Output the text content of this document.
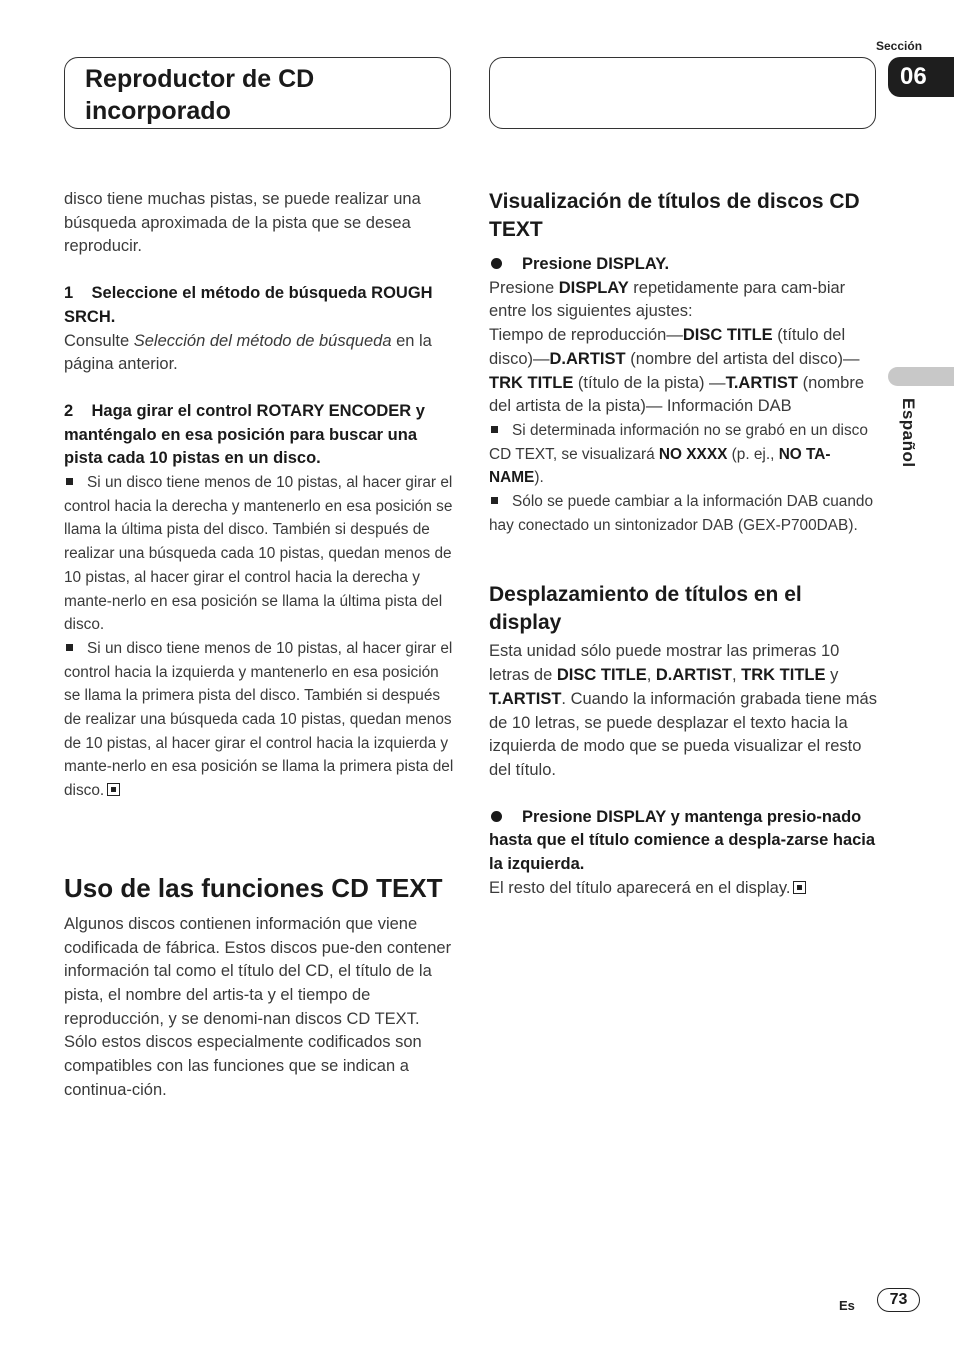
Reproductor de CD incorporado
Sección
06
Español

disco tiene muchas pistas, se puede realizar una búsqueda aproximada de la pista que se desea reproducir.

1    Seleccione el método de búsqueda ROUGH SRCH.

Consulte Selección del método de búsqueda en la página anterior.

2    Haga girar el control ROTARY ENCODER y manténgalo en esa posición para buscar una pista cada 10 pistas en un disco.

Si un disco tiene menos de 10 pistas, al hacer girar el control hacia la derecha y mantenerlo en esa posición se llama la última pista del disco. También si después de realizar una búsqueda cada 10 pistas, quedan menos de 10 pistas, al hacer girar el control hacia la derecha y mante-nerlo en esa posición se llama la última pista del disco.

Si un disco tiene menos de 10 pistas, al hacer girar el control hacia la izquierda y mantenerlo en esa posición se llama la primera pista del disco. También si después de realizar una búsqueda cada 10 pistas, quedan menos de 10 pistas, al hacer girar el control hacia la izquierda y mante-nerlo en esa posición se llama la primera pista del disco.

Uso de las funciones CD TEXT

Algunos discos contienen información que viene codificada de fábrica. Estos discos pue-den contener información tal como el título del CD, el título de la pista, el nombre del artis-ta y el tiempo de reproducción, y se denomi-nan discos CD TEXT. Sólo estos discos especialmente codificados son compatibles con las funciones que se indican a continua-ción.

Visualización de títulos de discos CD TEXT

Presione DISPLAY.

Presione DISPLAY repetidamente para cam-biar entre los siguientes ajustes:

Tiempo de reproducción—DISC TITLE (título del disco)—D.ARTIST (nombre del artista del disco)—TRK TITLE (título de la pista) —T.ARTIST (nombre del artista de la pista)— Información DAB

Si determinada información no se grabó en un disco CD TEXT, se visualizará NO XXXX (p. ej., NO TA-NAME).

Sólo se puede cambiar a la información DAB cuando hay conectado un sintonizador DAB (GEX-P700DAB).

Desplazamiento de títulos en el display

Esta unidad sólo puede mostrar las primeras 10 letras de DISC TITLE, D.ARTIST, TRK TITLE y T.ARTIST. Cuando la información grabada tiene más de 10 letras, se puede desplazar el texto hacia la izquierda de modo que se pueda visualizar el resto del título.

Presione DISPLAY y mantenga presio-nado hasta que el título comience a despla-zarse hacia la izquierda.

El resto del título aparecerá en el display.

Es 73
